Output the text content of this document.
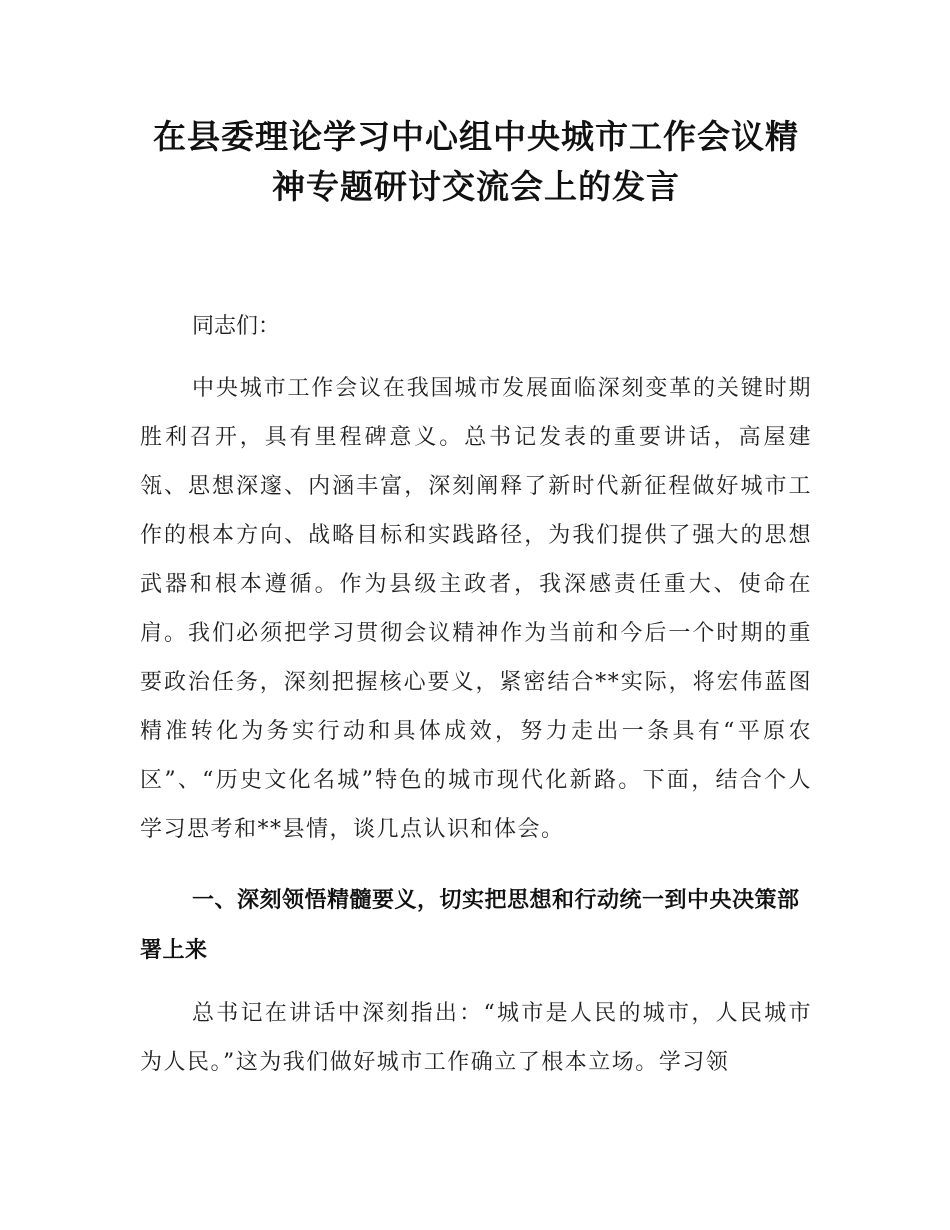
在县委理论学习中心组中央城市工作会议精神专题研讨交流会上的发言

同志们：

中央城市工作会议在我国城市发展面临深刻变革的关键时期胜利召开，具有里程碑意义。总书记发表的重要讲话，高屋建瓴、思想深邃、内涵丰富，深刻阐释了新时代新征程做好城市工作的根本方向、战略目标和实践路径，为我们提供了强大的思想武器和根本遵循。作为县级主政者，我深感责任重大、使命在肩。我们必须把学习贯彻会议精神作为当前和今后一个时期的重要政治任务，深刻把握核心要义，紧密结合**实际，将宏伟蓝图精准转化为务实行动和具体成效，努力走出一条具有“平原农区”、“历史文化名城”特色的城市现代化新路。下面，结合个人学习思考和**县情，谈几点认识和体会。

一、深刻领悟精髓要义，切实把思想和行动统一到中央决策部署上来

总书记在讲话中深刻指出：“城市是人民的城市，人民城市为人民。”这为我们做好城市工作确立了根本立场。学习领
